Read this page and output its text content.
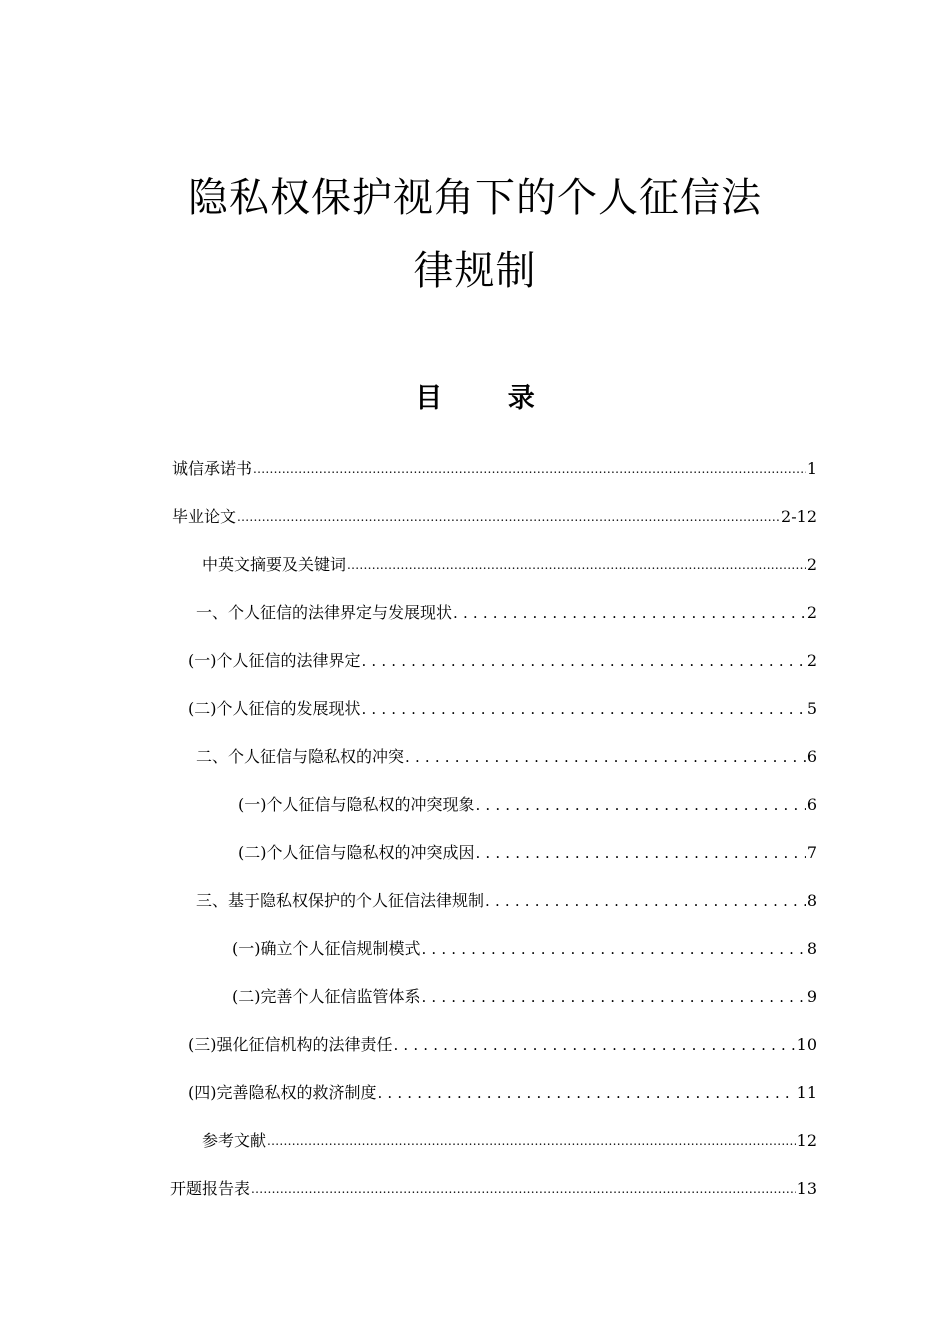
隐私权保护视角下的个人征信法
律规制
目 录
诚信承诺书 .....	1
毕业论文 .....	2-12
中英文摘要及关键词 .....	2
一、个人征信的法律界定与发展现状 . . .	2
(一)个人征信的法律界定 . . .	2
(二)个人征信的发展现状 . . .	5
二、个人征信与隐私权的冲突 . . .	6
(一)个人征信与隐私权的冲突现象 . . .	6
(二)个人征信与隐私权的冲突成因 . . .	7
三、基于隐私权保护的个人征信法律规制 . . .	8
(一)确立个人征信规制模式 . . .	8
(二)完善个人征信监管体系 . . .	9
(三)强化征信机构的法律责任 . . .	10
(四)完善隐私权的救济制度 . . .	11
参考文献 .....	12
开题报告表 .....	13
